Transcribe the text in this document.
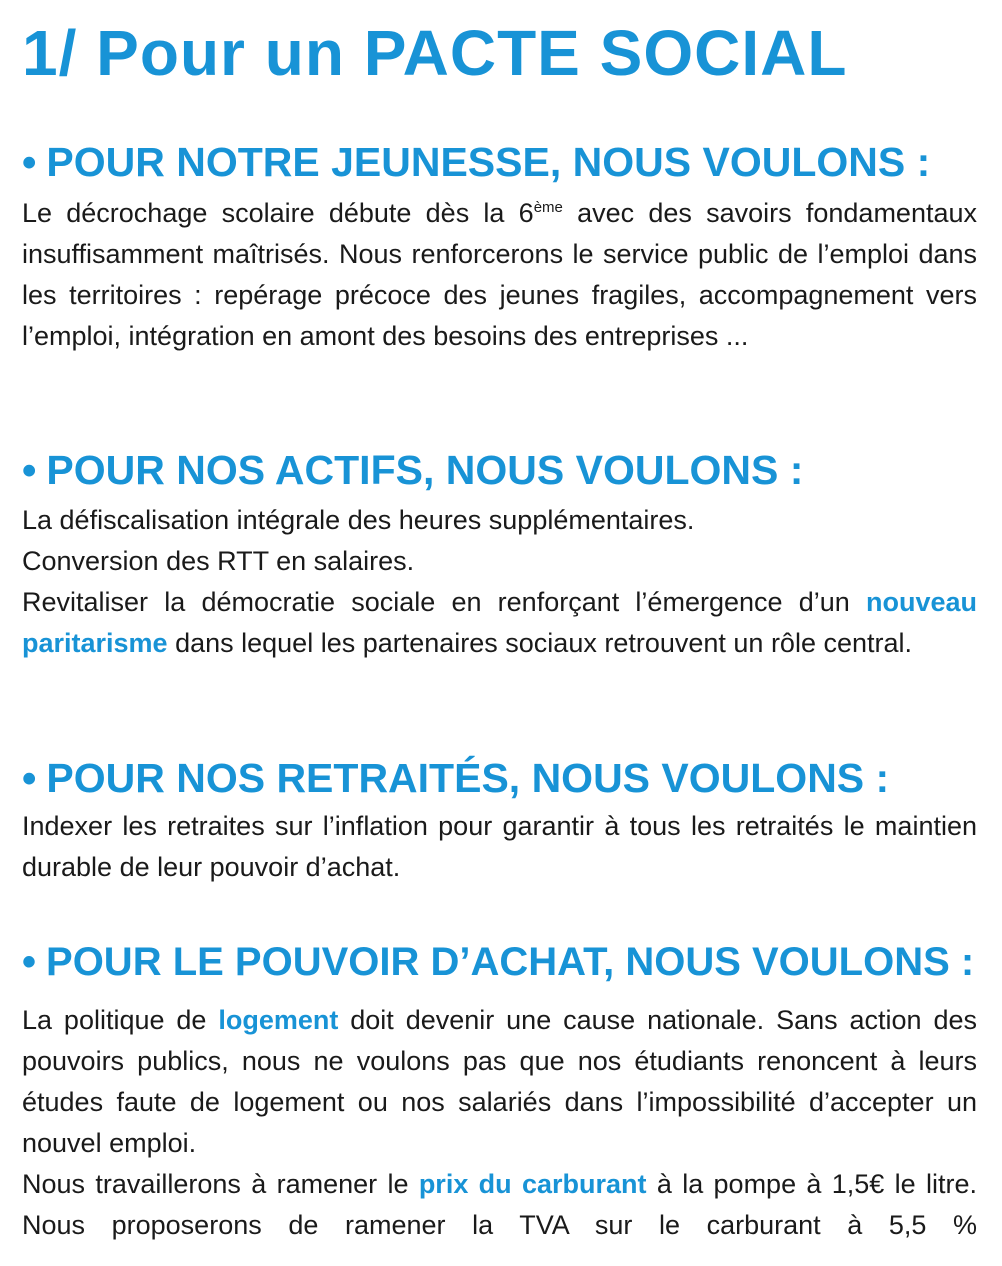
1/ Pour un PACTE SOCIAL
• POUR NOTRE JEUNESSE, NOUS VOULONS :

Le décrochage scolaire débute dès la 6ème avec des savoirs fondamentaux insuffisamment maîtrisés. Nous renforcerons le service public de l’emploi dans les territoires : repérage précoce des jeunes fragiles, accompagnement vers l’emploi, intégration en amont des besoins des entreprises ...

• POUR NOS ACTIFS, NOUS VOULONS :

La défiscalisation intégrale des heures supplémentaires.

Conversion des RTT en salaires.

Revitaliser la démocratie sociale en renforçant l’émergence d’un nouveau paritarisme dans lequel les partenaires sociaux retrouvent un rôle central.

• POUR NOS RETRAITÉS, NOUS VOULONS :

Indexer les retraites sur l’inflation pour garantir à tous les retraités le maintien durable de leur pouvoir d’achat.

• POUR LE POUVOIR D’ACHAT, NOUS VOULONS :

La politique de logement doit devenir une cause nationale. Sans action des pouvoirs publics, nous ne voulons pas que nos étudiants renoncent à leurs études faute de logement ou nos salariés dans l’impossibilité d’accepter un nouvel emploi.

Nous travaillerons à ramener le prix du carburant à la pompe à 1,5€ le litre. Nous proposerons de ramener la TVA sur le carburant à 5,5 %
